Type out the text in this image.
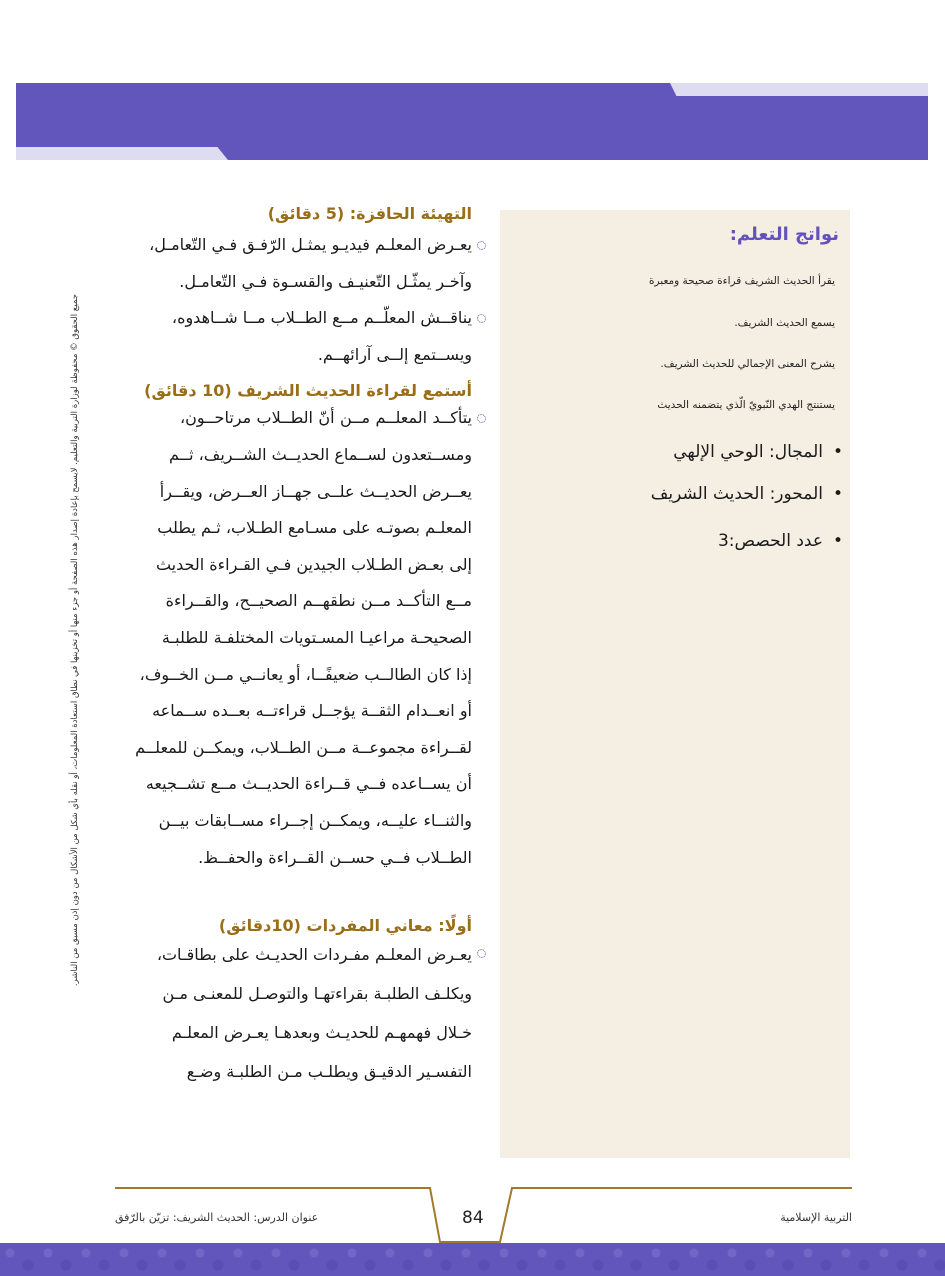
نواتج التعلم:
يقرأ الحديث الشريف قراءة صحيحة ومعبرة
يسمع الحديث الشريف.
يشرح المعنى الإجمالي للحديث الشريف.
يستنتج الهدي النّبويّ الّذي يتضمنه الحديث
• المجال: الوحي الإلهي
• المحور: الحديث الشريف
• عدد الحصص:3
التهيئة الحافزة: (5 دقائق)
يعـرض المعلـم فيديـو يمثـل الرّفـق فـي التّعامـل،
وآخـر يمثّـل التّعنيـف والقسـوة فـي التّعامـل.
يناقــش المعلّــم مــع الطــلاب مــا شــاهدوه،
ويســتمع إلــى آرائهــم.
أستمع لقراءة الحديث الشريف (10 دقائق)
يتأكــد المعلــم مــن أنّ الطــلاب مرتاحــون،
ومســتعدون لســماع الحديــث الشــريف، ثــم
يعــرض الحديــث علــى جهــاز العــرض، ويقــرأ
المعلـم بصوتـه على مسـامع الطـلاب، ثـم يطلب
إلى بعـض الطـلاب الجيدين فـي القـراءة الحديث
مــع التأكــد مــن نطقهــم الصحيــح، والقــراءة
الصحيحـة مراعيـا المسـتويات المختلفـة للطلبـة
إذا كان الطالــب ضعيفًــا، أو يعانــي مــن الخــوف،
أو انعــدام الثقــة يؤجــل قراءتــه بعــده ســماعه
لقــراءة مجموعــة مــن الطــلاب، ويمكــن للمعلــم
أن يســاعده فــي قــراءة الحديــث مــع تشــجيعه
والثنــاء عليــه، ويمكــن إجــراء مســابقات بيــن
الطــلاب فــي حســن القــراءة والحفــظ.
أولًا: معاني المفردات (10دقائق)
يعـرض المعلـم مفـردات الحديـث على بطاقـات،
ويكلـف الطلبـة بقراءتهـا والتوصـل للمعنـى مـن
خـلال فهمهـم للحديـث وبعدهـا يعـرض المعلـم
التفسـير الدقيـق ويطلـب مـن الطلبـة وضـع
جميع الحقوق © محفوظة لوزارة التربية والتعليم. لايسمح بإعادة إصدار هذه الصفحة أو جزء منها أو تخزينها في نطاق استعادة المعلومات، أو نقله بأي شكل من الأشكال من دون إذن مسبق من الناشر.
التربية الإسلامية
84
عنوان الدرس: الحديث الشريف: تزيّن بالرّفق
